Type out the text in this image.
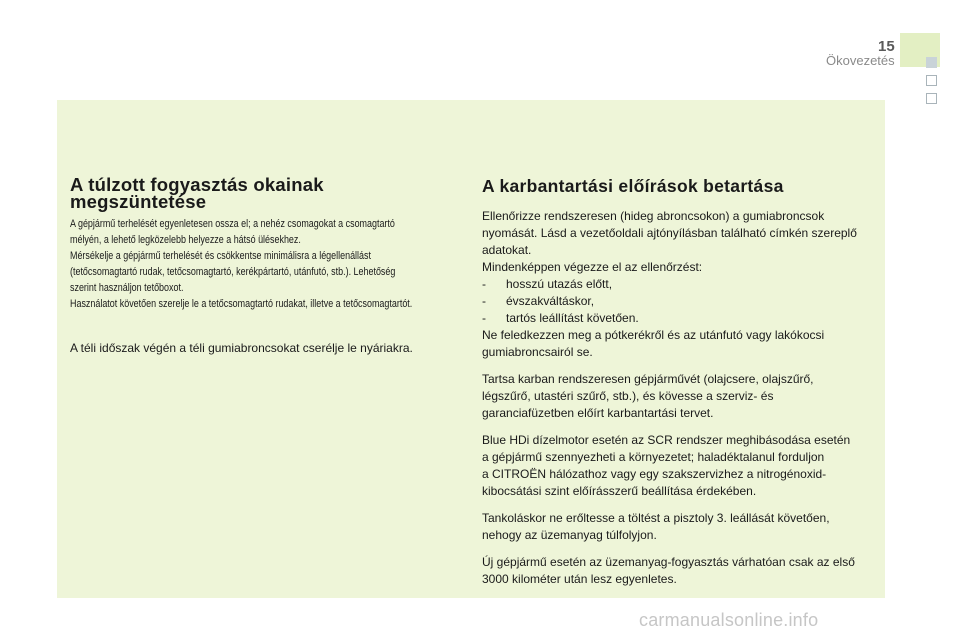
15
Ökovezetés
A túlzott fogyasztás okainak
megszüntetése

A gépjármű terhelését egyenletesen ossza el; a nehéz csomagokat a csomagtartó

mélyén, a lehető legközelebb helyezze a hátsó ülésekhez.

Mérsékelje a gépjármű terhelését és csökkentse minimálisra a légellenállást

(tetőcsomagtartó rudak, tetőcsomagtartó, kerékpártartó, utánfutó, stb.). Lehetőség

szerint használjon tetőboxot.

Használatot követően szerelje le a tetőcsomagtartó rudakat, illetve a tetőcsomagtartót.

A téli időszak végén a téli gumiabroncsokat cserélje le nyáriakra.

A karbantartási előírások betartása

Ellenőrizze rendszeresen (hideg abroncsokon) a gumiabroncsok

nyomását. Lásd a vezetőoldali ajtónyílásban található címkén szereplő

adatokat.

Mindenképpen végezze el az ellenőrzést:

- hosszú utazás előtt,
- évszakváltáskor,
- tartós leállítást követően.

Ne feledkezzen meg a pótkerékről és az utánfutó vagy lakókocsi

gumiabroncsairól se.

Tartsa karban rendszeresen gépjárművét (olajcsere, olajszűrő,

légszűrő, utastéri szűrő, stb.), és kövesse a szerviz- és

garanciafüzetben előírt karbantartási tervet.

Blue HDi dízelmotor esetén az SCR rendszer meghibásodása esetén

a gépjármű szennyezheti a környezetet; haladéktalanul forduljon

a CITROËN hálózathoz vagy egy szakszervizhez a nitrogénoxid-

kibocsátási szint előírásszerű beállítása érdekében.

Tankoláskor ne erőltesse a töltést a pisztoly 3. leállását követően,

nehogy az üzemanyag túlfolyjon.

Új gépjármű esetén az üzemanyag-fogyasztás várhatóan csak az első

3000 kilométer után lesz egyenletes.

carmanualsonline.info
